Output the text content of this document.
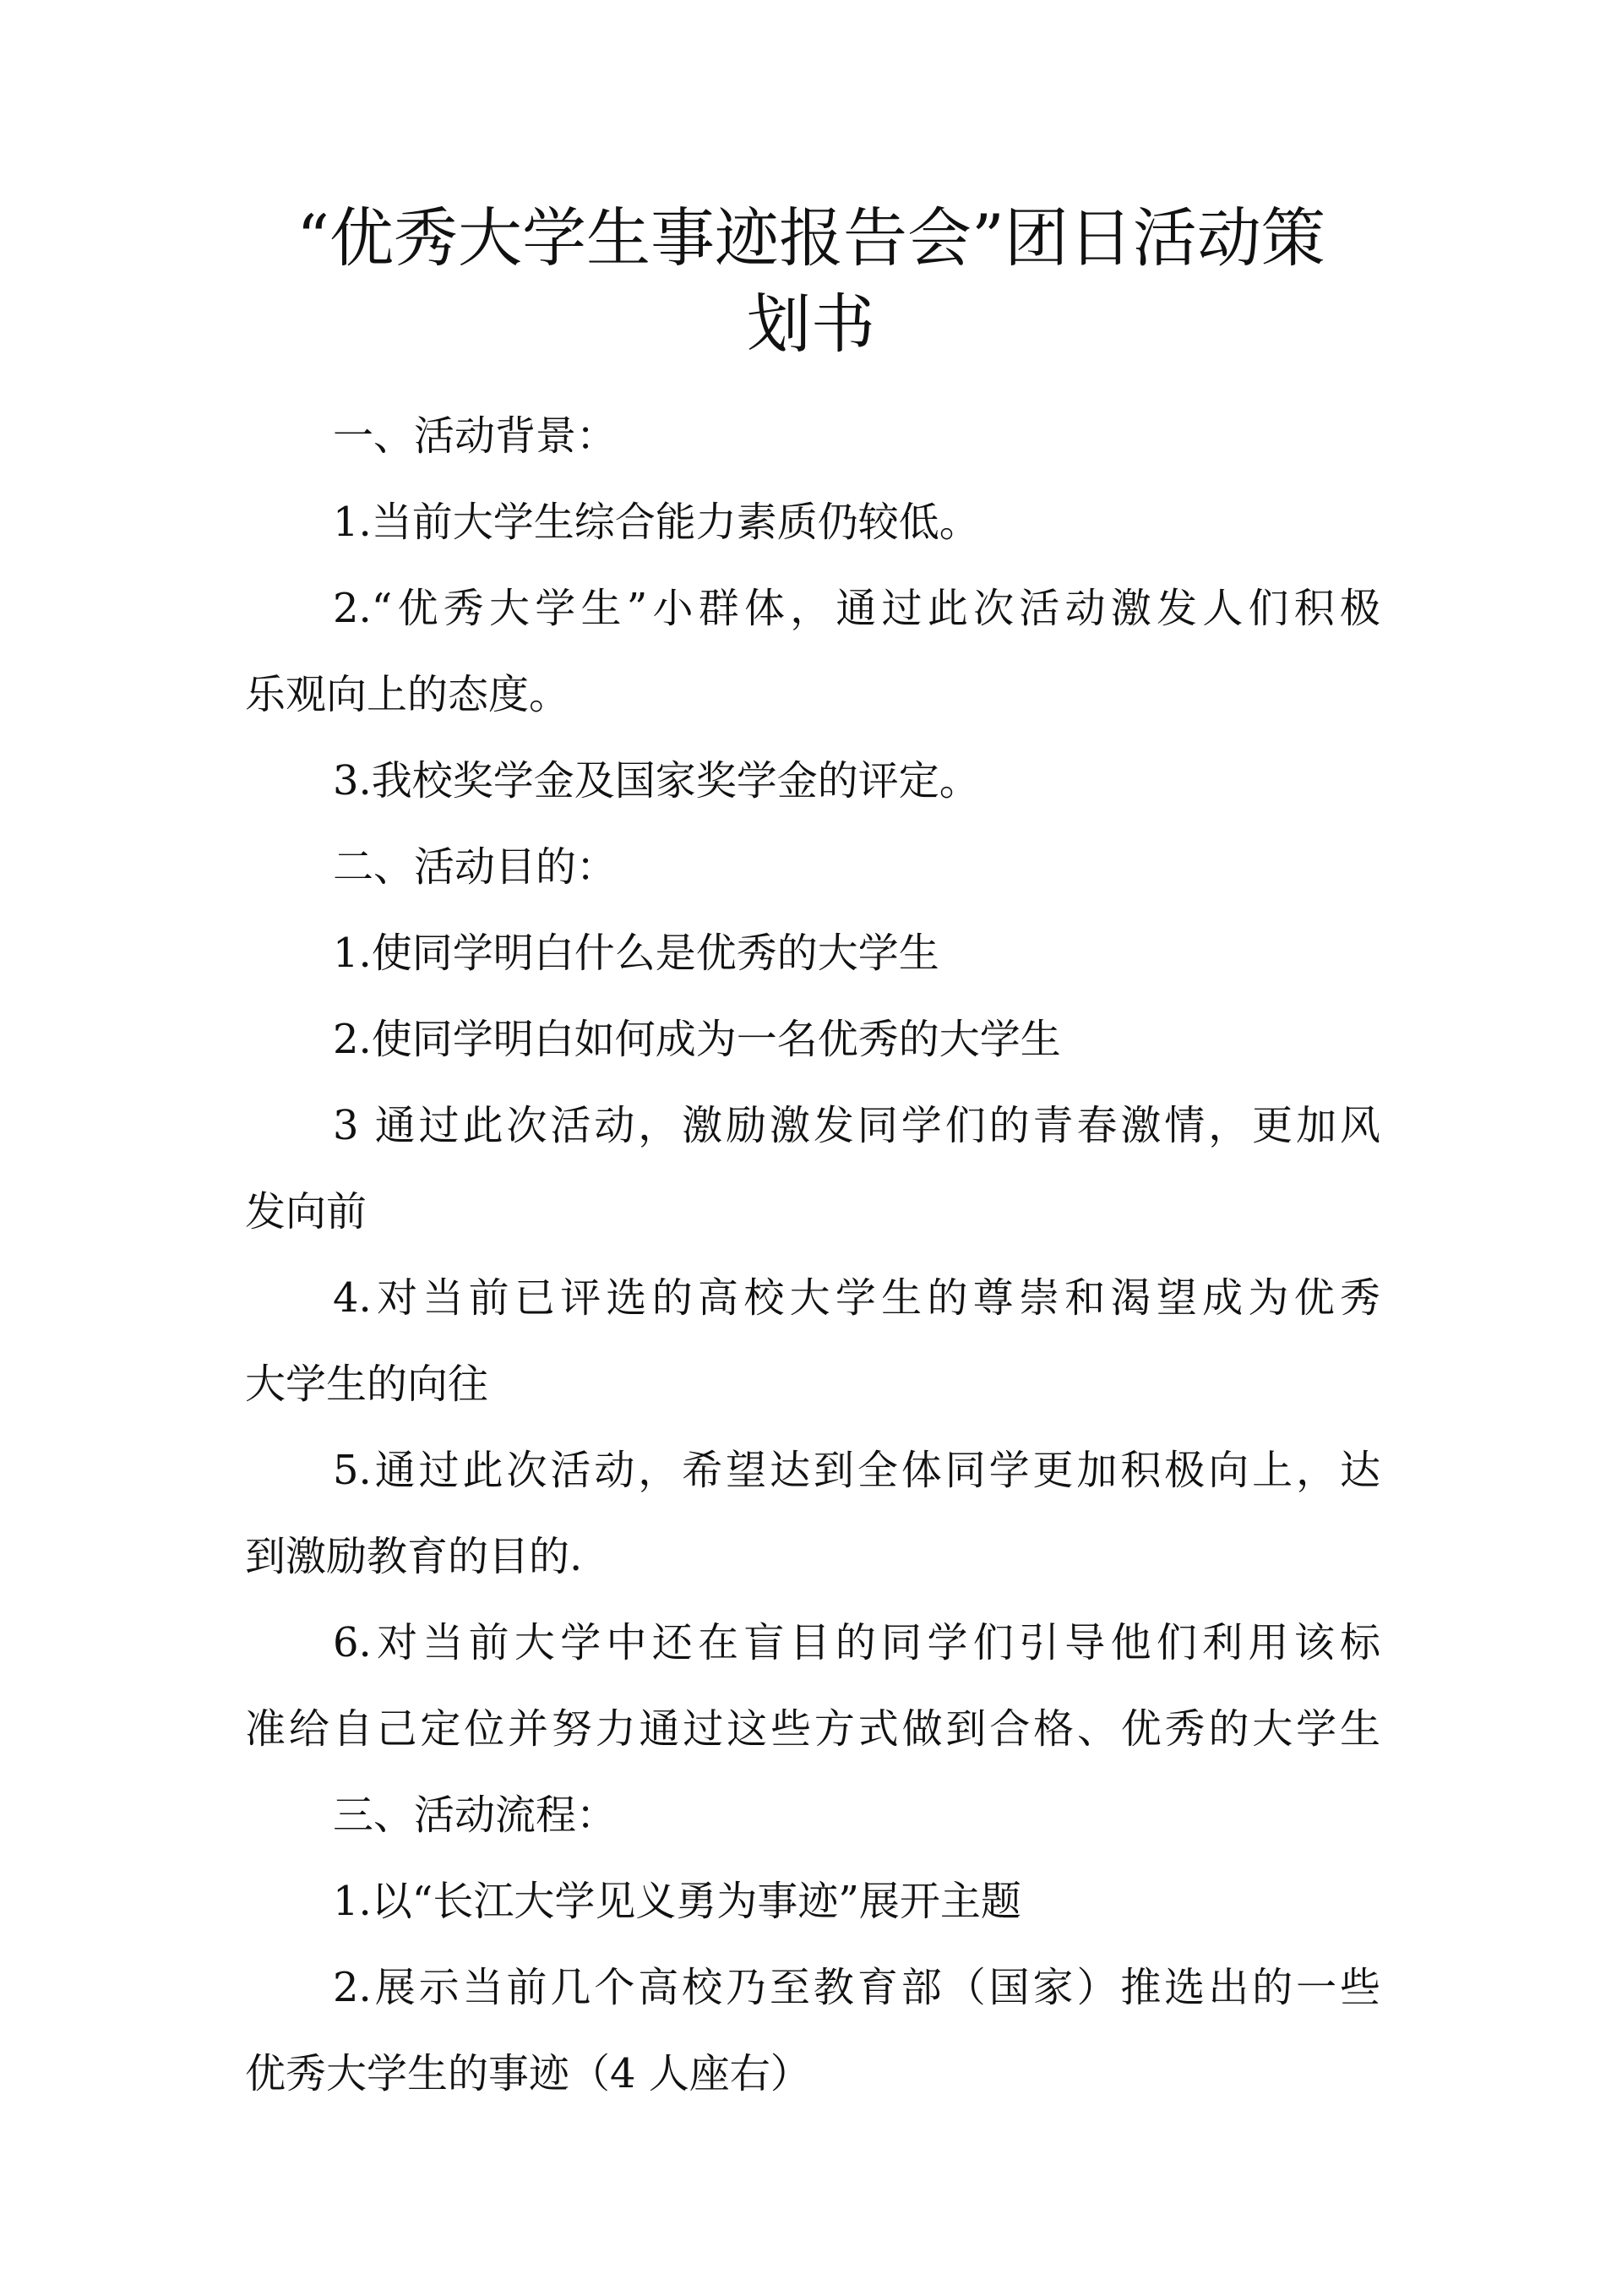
“优秀大学生事迹报告会”团日活动策
划书
一、活动背景：
1.当前大学生综合能力素质仍较低。
2.“优秀大学生”小群体，通过此次活动激发人们积极
乐观向上的态度。
3.我校奖学金及国家奖学金的评定。
二、活动目的：
1.使同学明白什么是优秀的大学生
2.使同学明白如何成为一名优秀的大学生
3 通过此次活动，激励激发同学们的青春激情，更加风
发向前
4.对当前已评选的高校大学生的尊崇和渴望成为优秀
大学生的向往
5.通过此次活动，希望达到全体同学更加积极向上，达
到激励教育的目的.
6.对当前大学中还在盲目的同学们引导他们利用该标
准给自己定位并努力通过这些方式做到合格、优秀的大学生
三、活动流程：
1.以“长江大学见义勇为事迹”展开主题
2.展示当前几个高校乃至教育部（国家）推选出的一些
优秀大学生的事迹（4 人座右）
